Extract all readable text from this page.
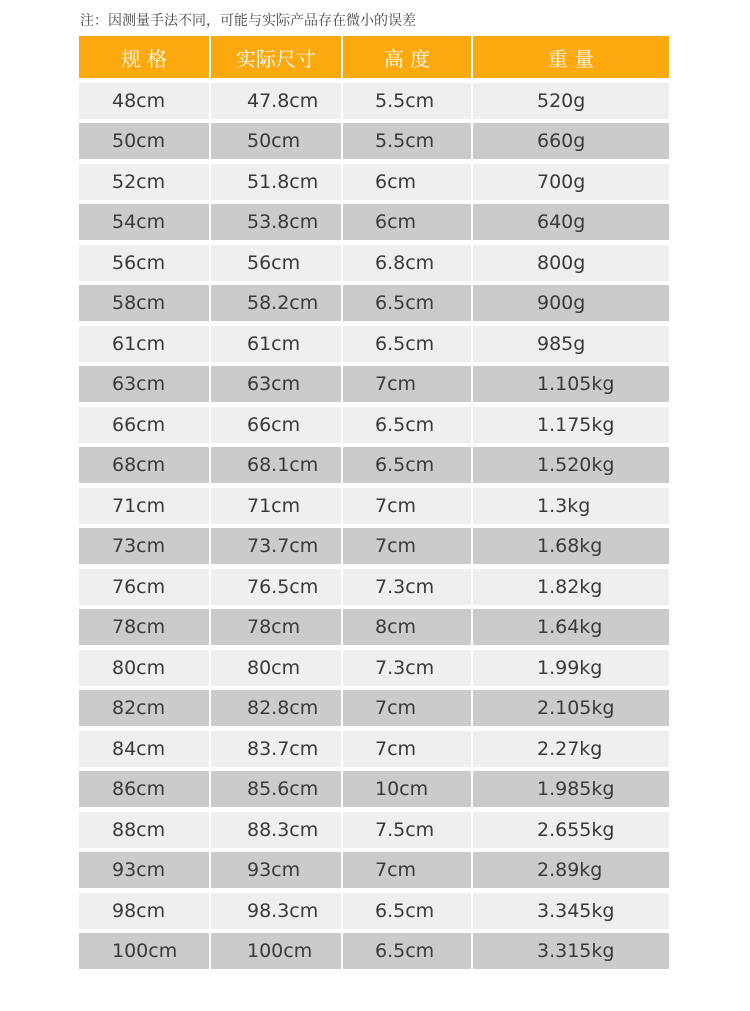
注：因测量手法不同，可能与实际产品存在微小的误差
规 格	实际尺寸	高 度	重 量
48cm	47.8cm	5.5cm	520g
50cm	50cm	5.5cm	660g
52cm	51.8cm	6cm	700g
54cm	53.8cm	6cm	640g
56cm	56cm	6.8cm	800g
58cm	58.2cm	6.5cm	900g
61cm	61cm	6.5cm	985g
63cm	63cm	7cm	1.105kg
66cm	66cm	6.5cm	1.175kg
68cm	68.1cm	6.5cm	1.520kg
71cm	71cm	7cm	1.3kg
73cm	73.7cm	7cm	1.68kg
76cm	76.5cm	7.3cm	1.82kg
78cm	78cm	8cm	1.64kg
80cm	80cm	7.3cm	1.99kg
82cm	82.8cm	7cm	2.105kg
84cm	83.7cm	7cm	2.27kg
86cm	85.6cm	10cm	1.985kg
88cm	88.3cm	7.5cm	2.655kg
93cm	93cm	7cm	2.89kg
98cm	98.3cm	6.5cm	3.345kg
100cm	100cm	6.5cm	3.315kg
